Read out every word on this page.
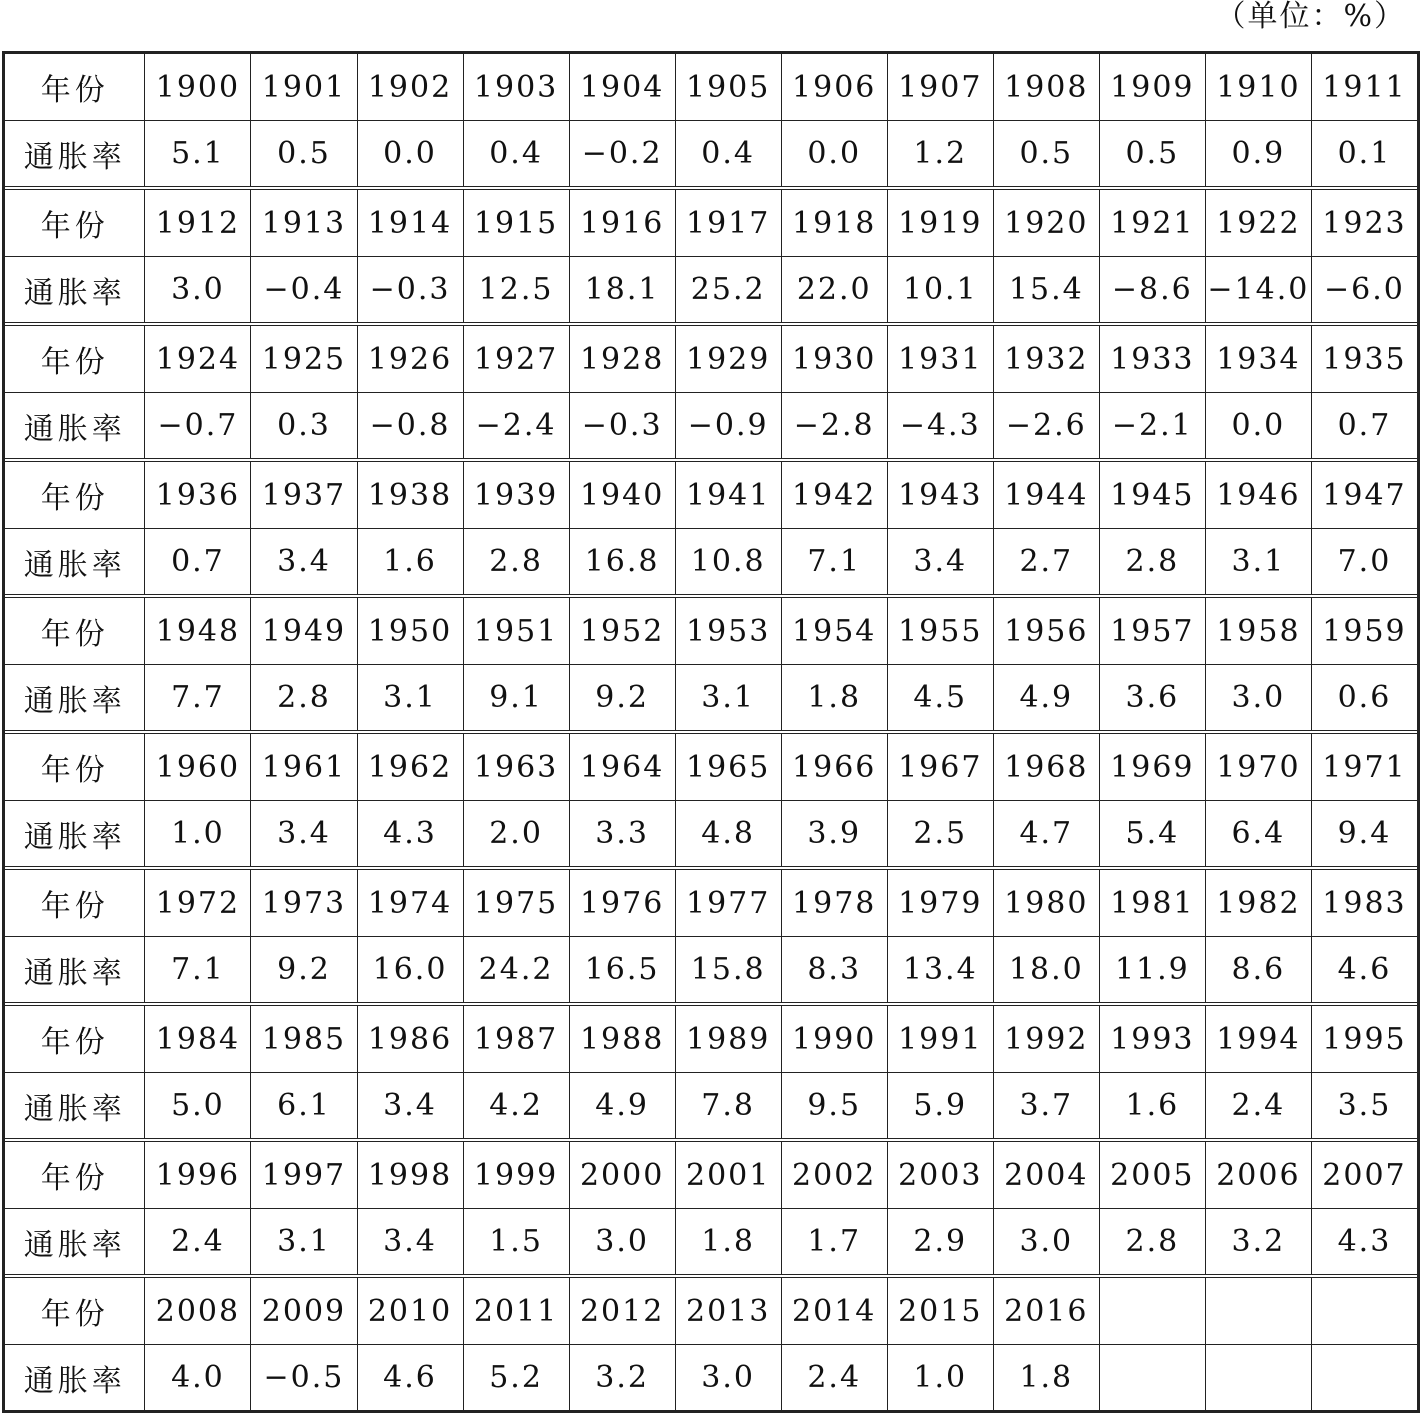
（单位：%）
年份	1900 1901 1902 1903 1904 1905 1906 1907 1908 1909 1910 1911
通胀率	5.1	0.5	0.0	0.4	−0.2	0.4	0.0	1.2	0.5	0.5	0.9	0.1
年份	1912 1913 1914 1915 1916 1917 1918 1919 1920 1921 1922 1923
通胀率	3.0	−0.4 −0.3 12.5	18.1	25.2	22.0	10.1	15.4 −8.6 −14.0 −6.0
年份	1924 1925 1926 1927 1928 1929 1930 1931 1932 1933 1934 1935
通胀率	−0.7	0.3	−0.8 −2.4 −0.3 −0.9 −2.8 −4.3 −2.6 −2.1	0.0	0.7
年份	1936 1937 1938 1939 1940 1941 1942 1943 1944 1945 1946 1947
通胀率	0.7	3.4	1.6	2.8	16.8	10.8	7.1	3.4	2.7	2.8	3.1	7.0
年份	1948 1949 1950 1951 1952 1953 1954 1955 1956 1957 1958 1959
通胀率	7.7	2.8	3.1	9.1	9.2	3.1	1.8	4.5	4.9	3.6	3.0	0.6
年份	1960 1961 1962 1963 1964 1965 1966 1967 1968 1969 1970 1971
通胀率	1.0	3.4	4.3	2.0	3.3	4.8	3.9	2.5	4.7	5.4	6.4	9.4
年份	1972 1973 1974 1975 1976 1977 1978 1979 1980 1981 1982 1983
通胀率	7.1	9.2	16.0	24.2	16.5	15.8	8.3	13.4	18.0	11.9	8.6	4.6
年份	1984 1985 1986 1987 1988 1989 1990 1991 1992 1993 1994 1995
通胀率	5.0	6.1	3.4	4.2	4.9	7.8	9.5	5.9	3.7	1.6	2.4	3.5
年份	1996 1997 1998 1999 2000 2001 2002 2003 2004 2005 2006 2007
通胀率	2.4	3.1	3.4	1.5	3.0	1.8	1.7	2.9	3.0	2.8	3.2	4.3
年份	2008 2009 2010 2011 2012 2013 2014 2015 2016
通胀率	4.0	−0.5	4.6	5.2	3.2	3.0	2.4	1.0	1.8
